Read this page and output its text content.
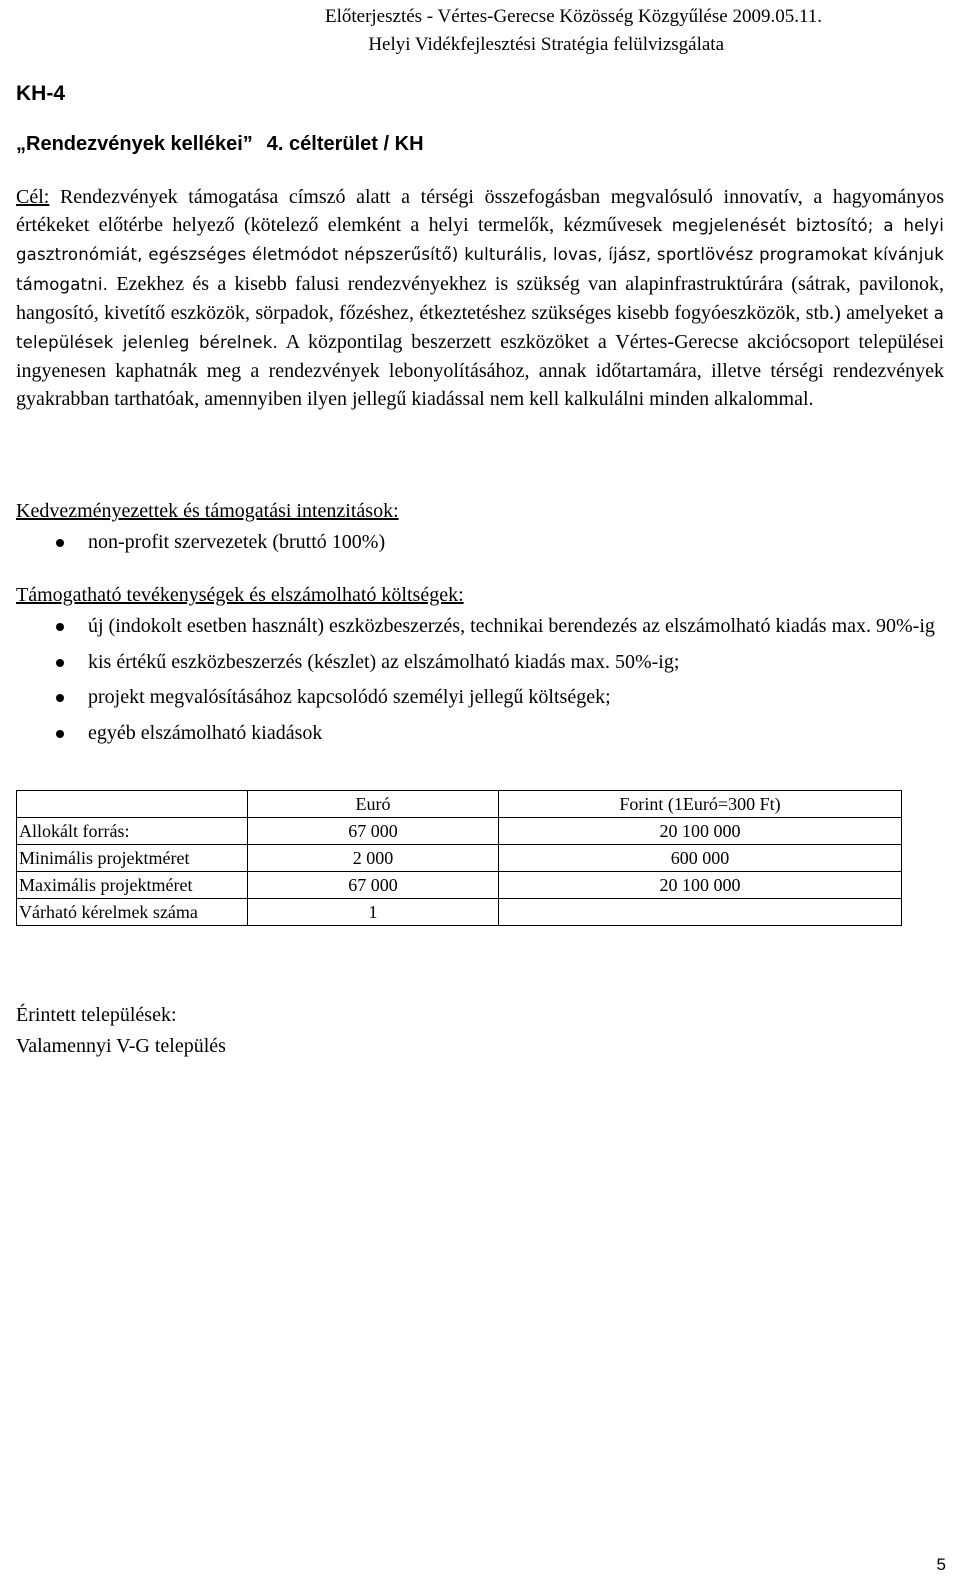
Előterjesztés - Vértes-Gerecse Közösség Közgyűlése 2009.05.11.
Helyi Vidékfejlesztési Stratégia felülvizsgálata
KH-4
„Rendezvények kellékei” 4. célterület / KH
Cél: Rendezvények támogatása címszó alatt a térségi összefogásban megvalósuló innovatív, a hagyományos értékeket előtérbe helyező (kötelező elemként a helyi termelők, kézművesek megjelenését biztosító; a helyi gasztronómiát, egészséges életmódot népszerűsítő) kulturális, lovas, íjász, sportlövész programokat kívánjuk támogatni. Ezekhez és a kisebb falusi rendezvényekhez is szükség van alapinfrastruktúrára (sátrak, pavilonok, hangosító, kivetítő eszközök, sörpadok, főzéshez, étkeztetéshez szükséges kisebb fogyóeszközök, stb.) amelyeket a települések jelenleg bérelnek. A központilag beszerzett eszközöket a Vértes-Gerecse akciócsoport települései ingyenesen kaphatnák meg a rendezvények lebonyolításához, annak időtartamára, illetve térségi rendezvények gyakrabban tarthatóak, amennyiben ilyen jellegű kiadással nem kell kalkulálni minden alkalommal.
Kedvezményezettek és támogatási intenzitások:
non-profit szervezetek (bruttó 100%)
Támogatható tevékenységek és elszámolható költségek:
új (indokolt esetben használt) eszközbeszerzés, technikai berendezés az elszámolható kiadás max. 90%-ig
kis értékű eszközbeszerzés (készlet) az elszámolható kiadás max. 50%-ig;
projekt megvalósításához kapcsolódó személyi jellegű költségek;
egyéb elszámolható kiadások
	Euró	Forint (1Euró=300 Ft)
Allokált forrás:	67 000	20 100 000
Minimális projektméret	2 000	600 000
Maximális projektméret	67 000	20 100 000
Várható kérelmek száma	1	
Érintett települések:
Valamennyi V-G település
5
